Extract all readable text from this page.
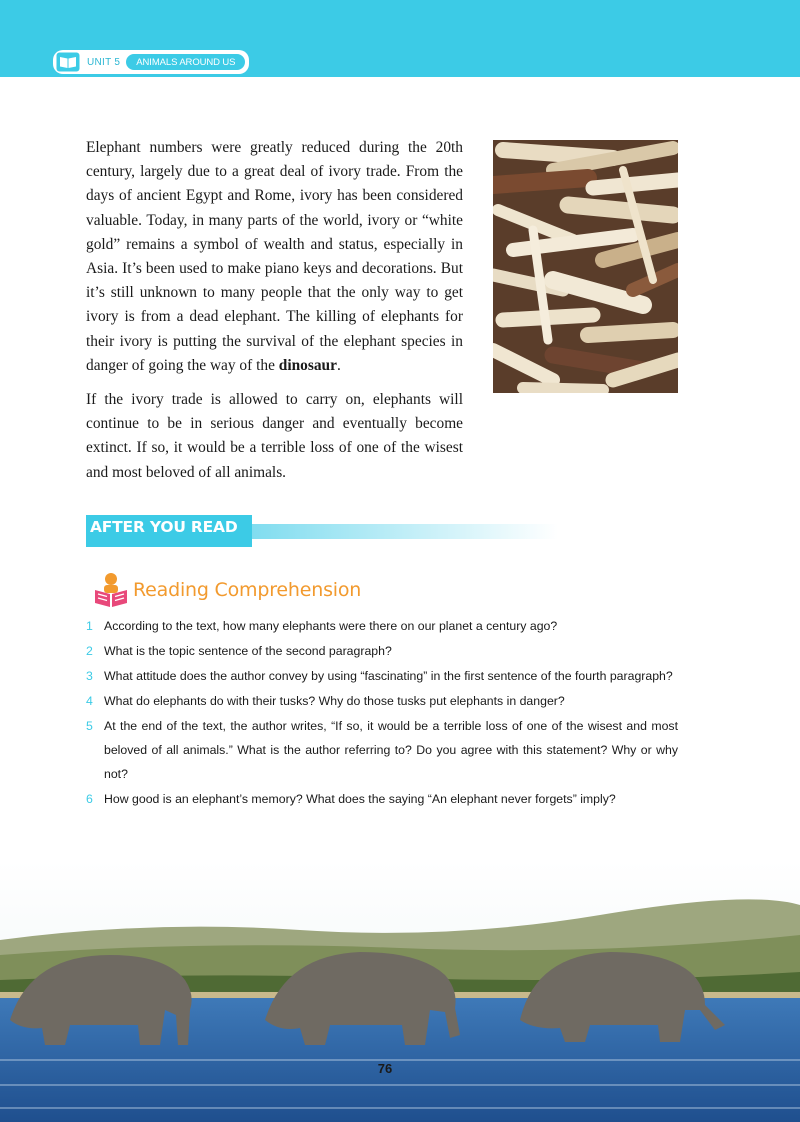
UNIT 5	ANIMALS AROUND US

Elephant numbers were greatly reduced during the 20th century, largely due to a great deal of ivory trade. From the days of ancient Egypt and Rome, ivory has been considered valuable. Today, in many parts of the world, ivory or “white gold” remains a symbol of wealth and status, especially in Asia. It’s been used to make piano keys and decorations. But it’s still unknown to many people that the only way to get ivory is from a dead elephant. The killing of elephants for their ivory is putting the survival of the elephant species in danger of going the way of the dinosaur.

If the ivory trade is allowed to carry on, elephants will continue to be in serious danger and eventually become extinct. If so, it would be a terrible loss of one of the wisest and most beloved of all animals.

AFTER YOU READ
Reading Comprehension
1 According to the text, how many elephants were there on our planet a century ago?
2 What is the topic sentence of the second paragraph?
3 What attitude does the author convey by using “fascinating” in the first sentence of the fourth paragraph?
4 What do elephants do with their tusks? Why do those tusks put elephants in danger?
5 At the end of the text, the author writes, “If so, it would be a terrible loss of one of the wisest and most beloved of all animals.” What is the author referring to? Do you agree with this statement? Why or why not?
6 How good is an elephant’s memory? What does the saying “An elephant never forgets” imply?
76
